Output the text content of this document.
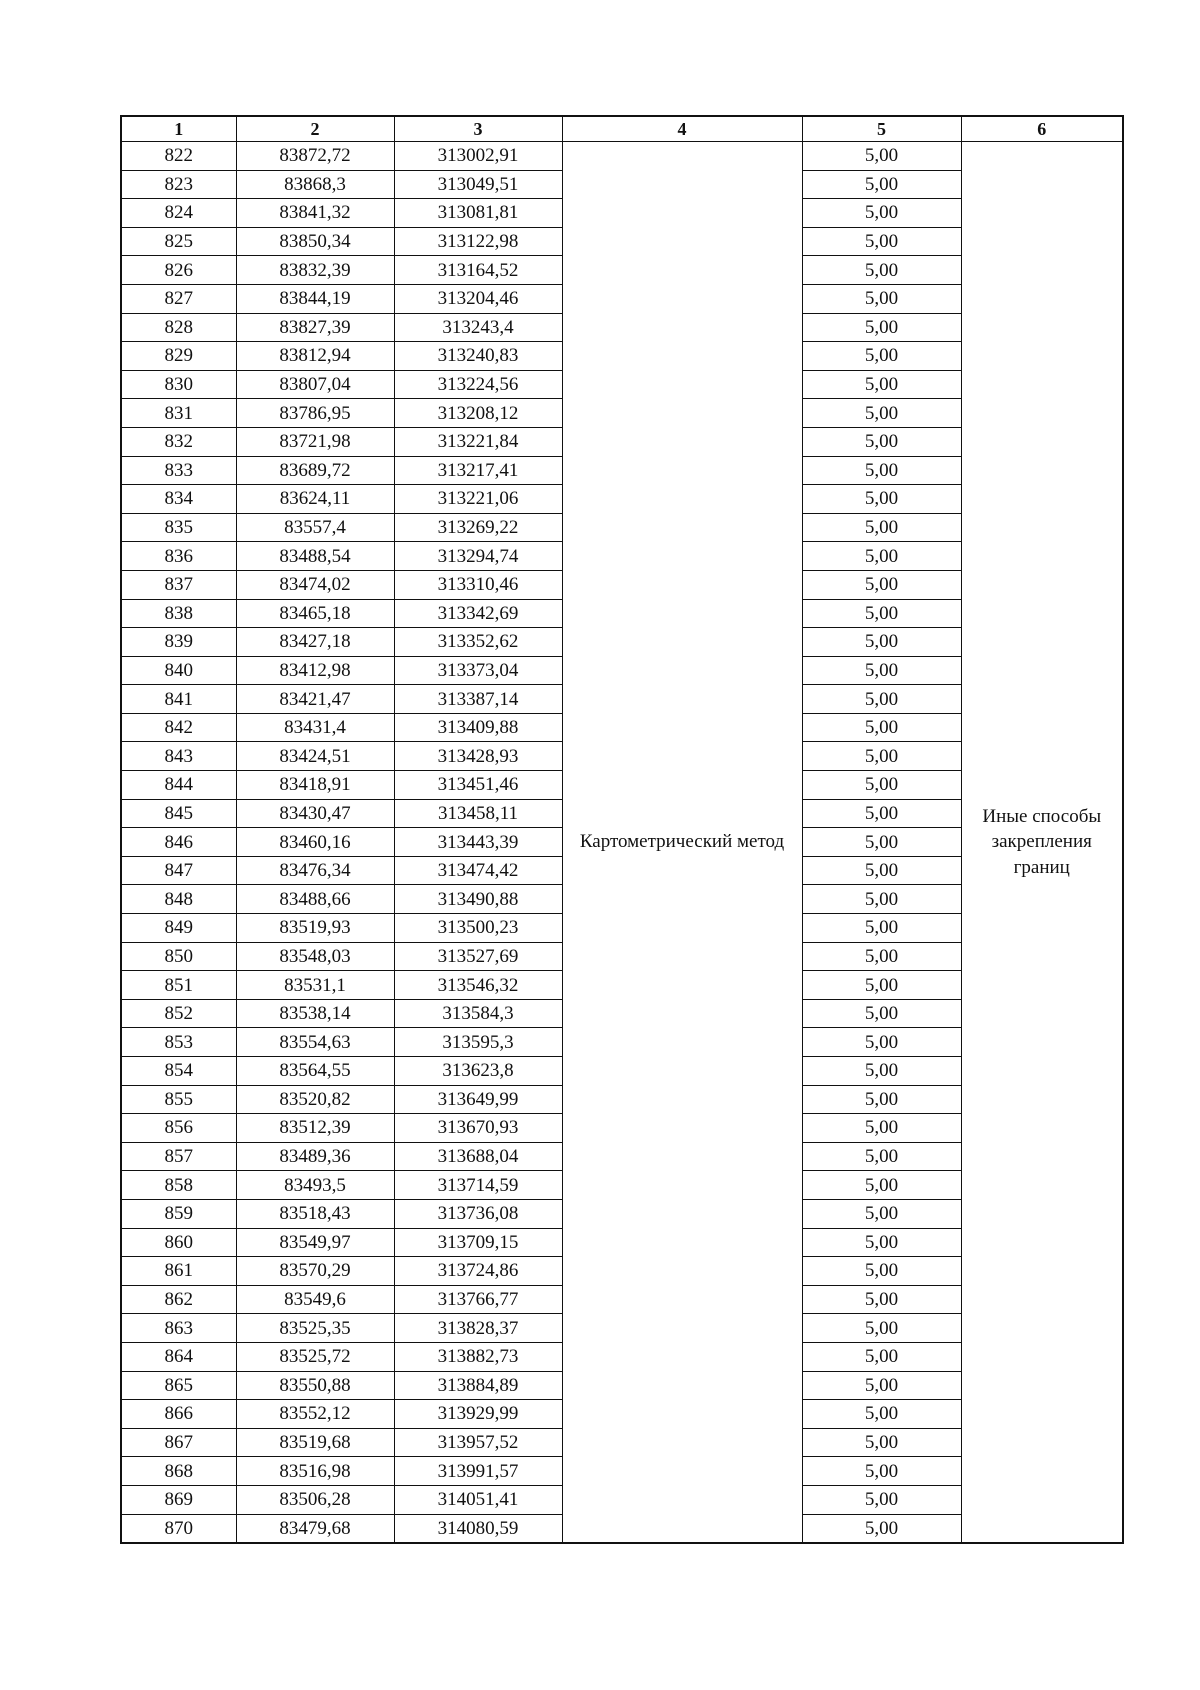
1	2	3	4	5	6
822	83872,72	313002,91	Картометрический метод	5,00	Иные способы закрепления границ
823	83868,3	313049,51		5,00	
824	83841,32	313081,81		5,00	
825	83850,34	313122,98		5,00	
826	83832,39	313164,52		5,00	
827	83844,19	313204,46		5,00	
828	83827,39	313243,4		5,00	
829	83812,94	313240,83		5,00	
830	83807,04	313224,56		5,00	
831	83786,95	313208,12		5,00	
832	83721,98	313221,84		5,00	
833	83689,72	313217,41		5,00	
834	83624,11	313221,06		5,00	
835	83557,4	313269,22		5,00	
836	83488,54	313294,74		5,00	
837	83474,02	313310,46		5,00	
838	83465,18	313342,69		5,00	
839	83427,18	313352,62		5,00	
840	83412,98	313373,04		5,00	
841	83421,47	313387,14		5,00	
842	83431,4	313409,88		5,00	
843	83424,51	313428,93		5,00	
844	83418,91	313451,46		5,00	
845	83430,47	313458,11		5,00	
846	83460,16	313443,39		5,00	
847	83476,34	313474,42		5,00	
848	83488,66	313490,88		5,00	
849	83519,93	313500,23		5,00	
850	83548,03	313527,69		5,00	
851	83531,1	313546,32		5,00	
852	83538,14	313584,3		5,00	
853	83554,63	313595,3		5,00	
854	83564,55	313623,8		5,00	
855	83520,82	313649,99		5,00	
856	83512,39	313670,93		5,00	
857	83489,36	313688,04		5,00	
858	83493,5	313714,59		5,00	
859	83518,43	313736,08		5,00	
860	83549,97	313709,15		5,00	
861	83570,29	313724,86		5,00	
862	83549,6	313766,77		5,00	
863	83525,35	313828,37		5,00	
864	83525,72	313882,73		5,00	
865	83550,88	313884,89		5,00	
866	83552,12	313929,99		5,00	
867	83519,68	313957,52		5,00	
868	83516,98	313991,57		5,00	
869	83506,28	314051,41		5,00	
870	83479,68	314080,59		5,00	
